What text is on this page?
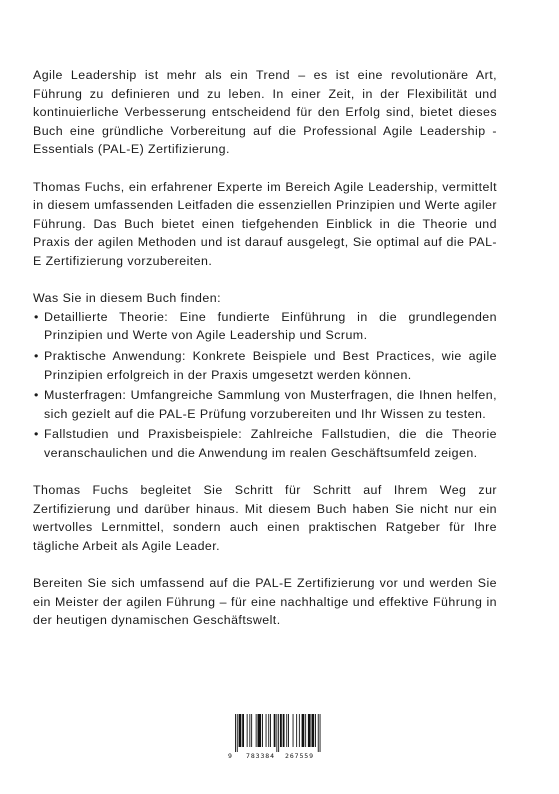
Agile Leadership ist mehr als ein Trend – es ist eine revolutionäre Art, Führung zu definieren und zu leben. In einer Zeit, in der Flexibilität und kontinuierliche Verbesserung entscheidend für den Erfolg sind, bietet dieses Buch eine gründliche Vorbereitung auf die Professional Agile Leadership - Essentials (PAL-E) Zertifizierung.

Thomas Fuchs, ein erfahrener Experte im Bereich Agile Leadership, vermittelt in diesem umfassenden Leitfaden die essenziellen Prinzipien und Werte agiler Führung. Das Buch bietet einen tiefgehenden Einblick in die Theorie und Praxis der agilen Methoden und ist darauf ausgelegt, Sie optimal auf die PAL-E Zertifizierung vorzubereiten.

Was Sie in diesem Buch finden:

• Detaillierte Theorie: Eine fundierte Einführung in die grundlegenden Prinzipien und Werte von Agile Leadership und Scrum.
• Praktische Anwendung: Konkrete Beispiele und Best Practices, wie agile Prinzipien erfolgreich in der Praxis umgesetzt werden können.
• Musterfragen: Umfangreiche Sammlung von Musterfragen, die Ihnen helfen, sich gezielt auf die PAL-E Prüfung vorzubereiten und Ihr Wissen zu testen.
• Fallstudien und Praxisbeispiele: Zahlreiche Fallstudien, die die Theorie veranschaulichen und die Anwendung im realen Geschäftsumfeld zeigen.

Thomas Fuchs begleitet Sie Schritt für Schritt auf Ihrem Weg zur Zertifizierung und darüber hinaus. Mit diesem Buch haben Sie nicht nur ein wertvolles Lernmittel, sondern auch einen praktischen Ratgeber für Ihre tägliche Arbeit als Agile Leader.

Bereiten Sie sich umfassend auf die PAL-E Zertifizierung vor und werden Sie ein Meister der agilen Führung – für eine nachhaltige und effektive Führung in der heutigen dynamischen Geschäftswelt.

9 783384 267559
